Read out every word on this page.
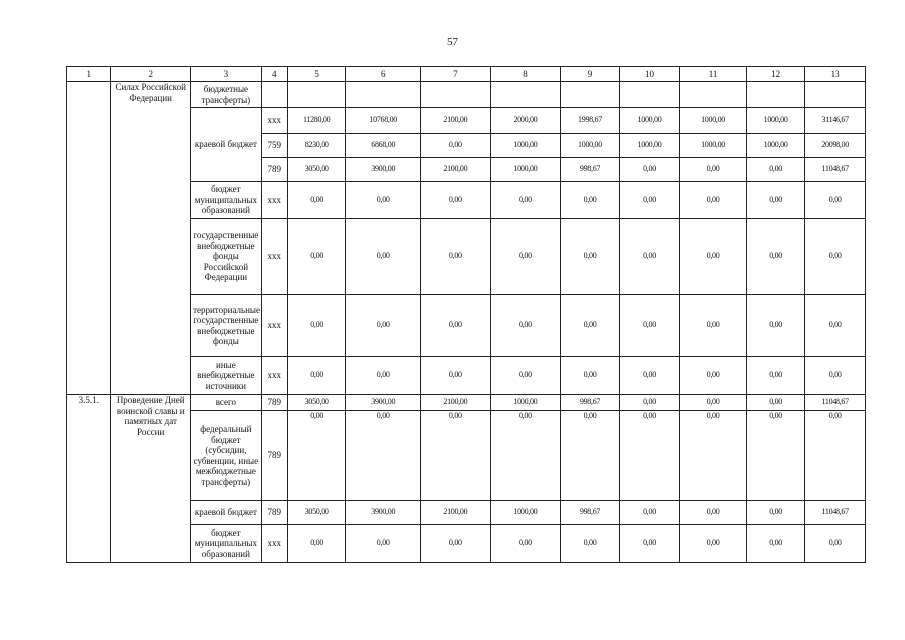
57
1	2	3	4	5	6	7	8	9	10	11	12	13
	Силах Российской Федерации	бюджетные трансферты)										
		краевой бюджет	ххх	11280,00	10768,00	2100,00	2000,00	1998,67	1000,00	1000,00	1000,00	31146,67
			759	8230,00	6868,00	0,00	1000,00	1000,00	1000,00	1000,00	1000,00	20098,00
			789	3050,00	3900,00	2100,00	1000,00	998,67	0,00	0,00	0,00	11048,67
		бюджет муниципальных образований	ххх	0,00	0,00	0,00	0,00	0,00	0,00	0,00	0,00	0,00
		государственные внебюджетные фонды Российской Федерации	ххх	0,00	0,00	0,00	0,00	0,00	0,00	0,00	0,00	0,00
		территориальные государственные внебюджетные фонды	ххх	0,00	0,00	0,00	0,00	0,00	0,00	0,00	0,00	0,00
		иные внебюджетные источники	ххх	0,00	0,00	0,00	0,00	0,00	0,00	0,00	0,00	0,00
3.5.1.	Проведение Дней воинской славы и памятных дат России	всего	789	3050,00	3900,00	2100,00	1000,00	998,67	0,00	0,00	0,00	11048,67
		федеральный бюджет (субсидии, субвенции, иные межбюджетные трансферты)	789	0,00	0,00	0,00	0,00	0,00	0,00	0,00	0,00	0,00
		краевой бюджет	789	3050,00	3900,00	2100,00	1000,00	998,67	0,00	0,00	0,00	11048,67
		бюджет муниципальных образований	ххх	0,00	0,00	0,00	0,00	0,00	0,00	0,00	0,00	0,00
